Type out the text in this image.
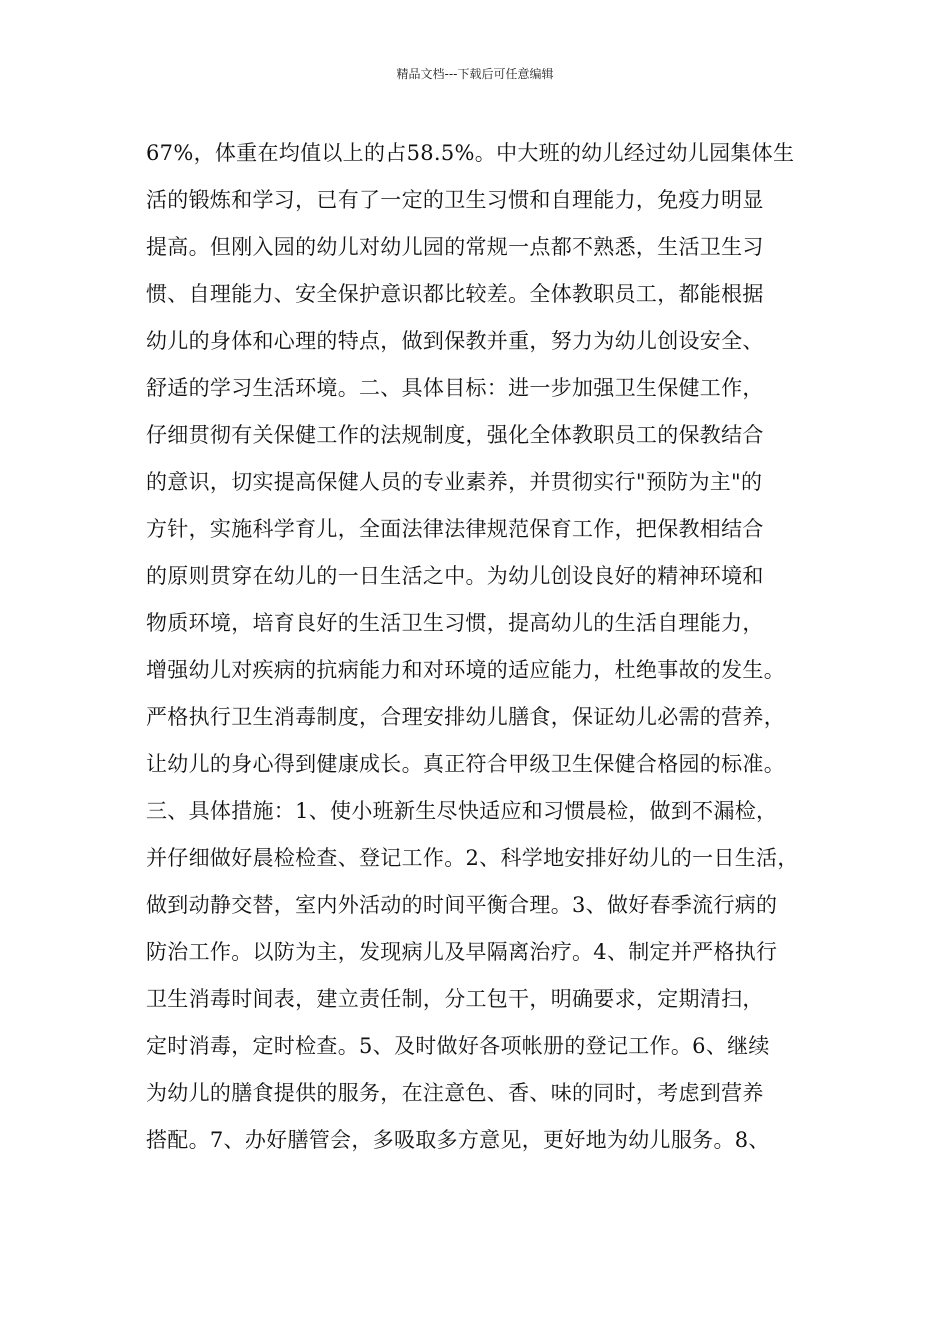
精品文档---下载后可任意编辑
67%，体重在均值以上的占58.5%。中大班的幼儿经过幼儿园集体生
活的锻炼和学习，已有了一定的卫生习惯和自理能力，免疫力明显
提高。但刚入园的幼儿对幼儿园的常规一点都不熟悉，生活卫生习
惯、自理能力、安全保护意识都比较差。全体教职员工，都能根据
幼儿的身体和心理的特点，做到保教并重，努力为幼儿创设安全、
舒适的学习生活环境。二、具体目标：进一步加强卫生保健工作，
仔细贯彻有关保健工作的法规制度，强化全体教职员工的保教结合
的意识，切实提高保健人员的专业素养，并贯彻实行"预防为主"的
方针，实施科学育儿，全面法律法律规范保育工作，把保教相结合
的原则贯穿在幼儿的一日生活之中。为幼儿创设良好的精神环境和
物质环境，培育良好的生活卫生习惯，提高幼儿的生活自理能力，
增强幼儿对疾病的抗病能力和对环境的适应能力，杜绝事故的发生。
严格执行卫生消毒制度，合理安排幼儿膳食，保证幼儿必需的营养，
让幼儿的身心得到健康成长。真正符合甲级卫生保健合格园的标准。
三、具体措施：1、使小班新生尽快适应和习惯晨检，做到不漏检，
并仔细做好晨检检查、登记工作。2、科学地安排好幼儿的一日生活，
做到动静交替，室内外活动的时间平衡合理。3、做好春季流行病的
防治工作。以防为主，发现病儿及早隔离治疗。4、制定并严格执行
卫生消毒时间表，建立责任制，分工包干，明确要求，定期清扫，
定时消毒，定时检查。5、及时做好各项帐册的登记工作。6、继续
为幼儿的膳食提供的服务，在注意色、香、味的同时，考虑到营养
搭配。7、办好膳管会，多吸取多方意见，更好地为幼儿服务。8、
